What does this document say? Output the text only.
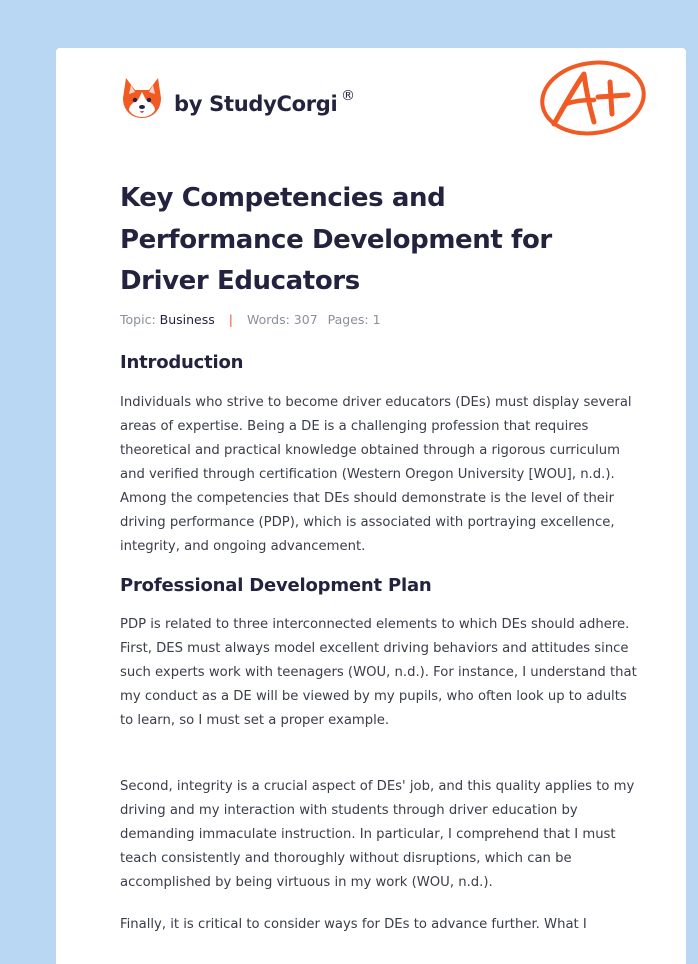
by StudyCorgi ®
Key Competencies and Performance Development for Driver Educators
Topic: Business | Words: 307 Pages: 1
Introduction

Individuals who strive to become driver educators (DEs) must display several areas of expertise. Being a DE is a challenging profession that requires theoretical and practical knowledge obtained through a rigorous curriculum and verified through certification (Western Oregon University [WOU], n.d.). Among the competencies that DEs should demonstrate is the level of their driving performance (PDP), which is associated with portraying excellence, integrity, and ongoing advancement.

Professional Development Plan

PDP is related to three interconnected elements to which DEs should adhere. First, DES must always model excellent driving behaviors and attitudes since such experts work with teenagers (WOU, n.d.). For instance, I understand that my conduct as a DE will be viewed by my pupils, who often look up to adults to learn, so I must set a proper example.

Second, integrity is a crucial aspect of DEs' job, and this quality applies to my driving and my interaction with students through driver education by demanding immaculate instruction. In particular, I comprehend that I must teach consistently and thoroughly without disruptions, which can be accomplished by being virtuous in my work (WOU, n.d.).

Finally, it is critical to consider ways for DEs to advance further. What I
